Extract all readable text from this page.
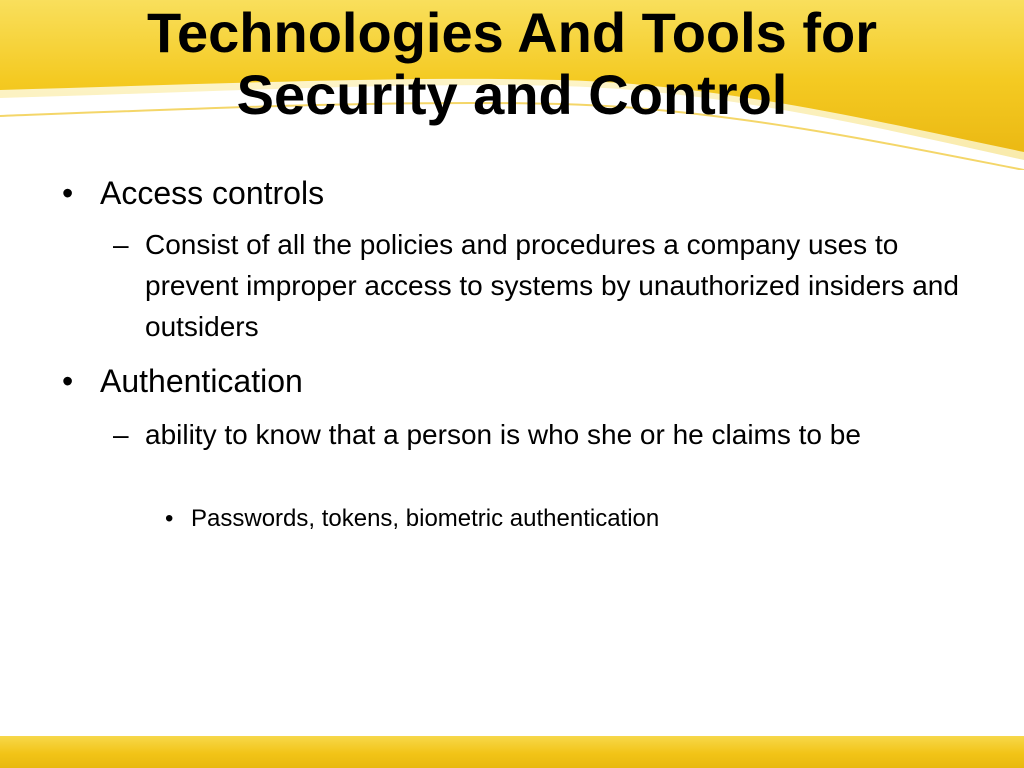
Technologies And Tools for
Security and Control
• Access controls
– Consist of all the policies and procedures a company uses to prevent improper access to systems by unauthorized insiders and outsiders
• Authentication
– ability to know that a person is who she or he claims to be
• Passwords, tokens, biometric authentication
